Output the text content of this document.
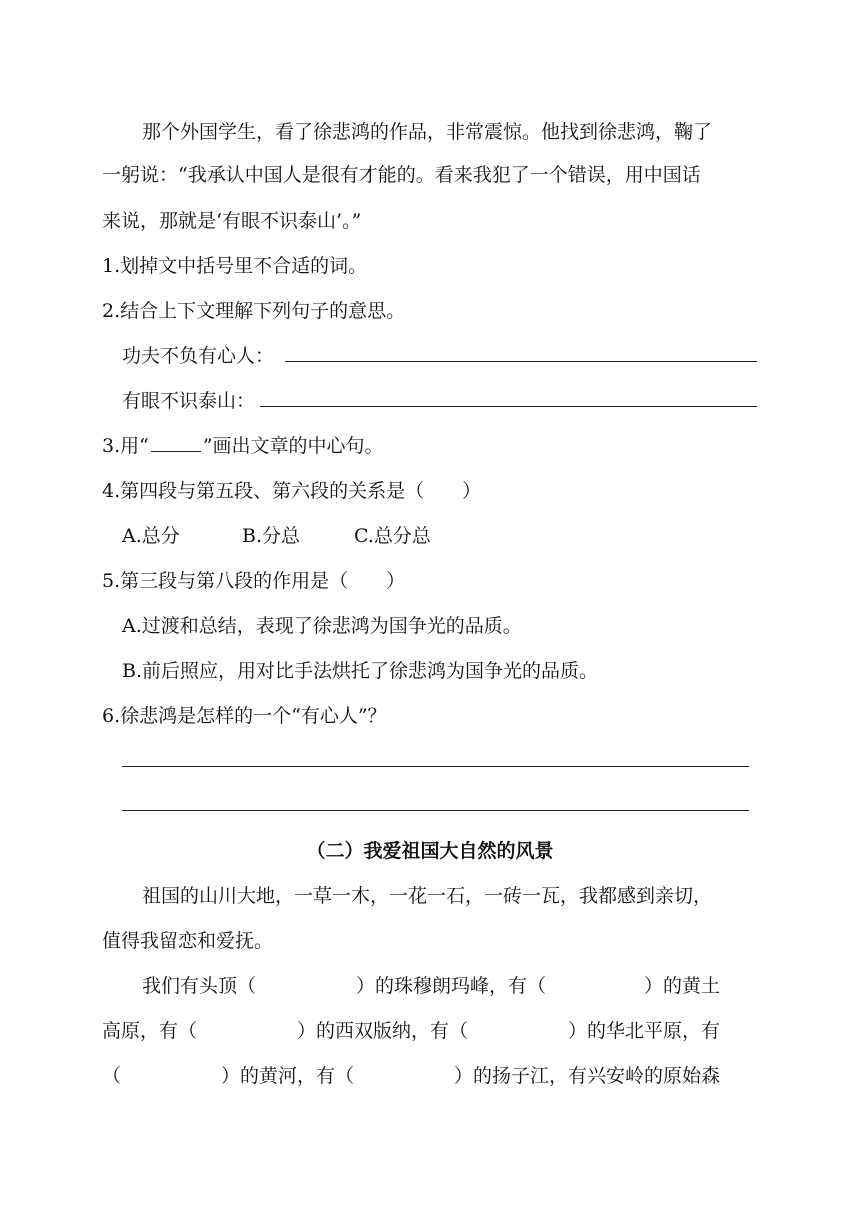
那个外国学生，看了徐悲鸿的作品，非常震惊。他找到徐悲鸿，鞠了
一躬说：“我承认中国人是很有才能的。看来我犯了一个错误，用中国话
来说，那就是‘有眼不识泰山’。”
1.划掉文中括号里不合适的词。
2.结合上下文理解下列句子的意思。
功夫不负有心人：
有眼不识泰山：
3.用“	”画出文章的中心句。
4.第四段与第五段、第六段的关系是（　　）
A.总分	B.分总	C.总分总
5.第三段与第八段的作用是（　　）
A.过渡和总结，表现了徐悲鸿为国争光的品质。
B.前后照应，用对比手法烘托了徐悲鸿为国争光的品质。
6.徐悲鸿是怎样的一个“有心人”？
（二）我爱祖国大自然的风景
祖国的山川大地，一草一木，一花一石，一砖一瓦，我都感到亲切，
值得我留恋和爱抚。
我们有头顶（	）的珠穆朗玛峰，有（	）的黄土
高原，有（	）的西双版纳，有（	）的华北平原，有
（	）的黄河，有（	）的扬子江，有兴安岭的原始森
